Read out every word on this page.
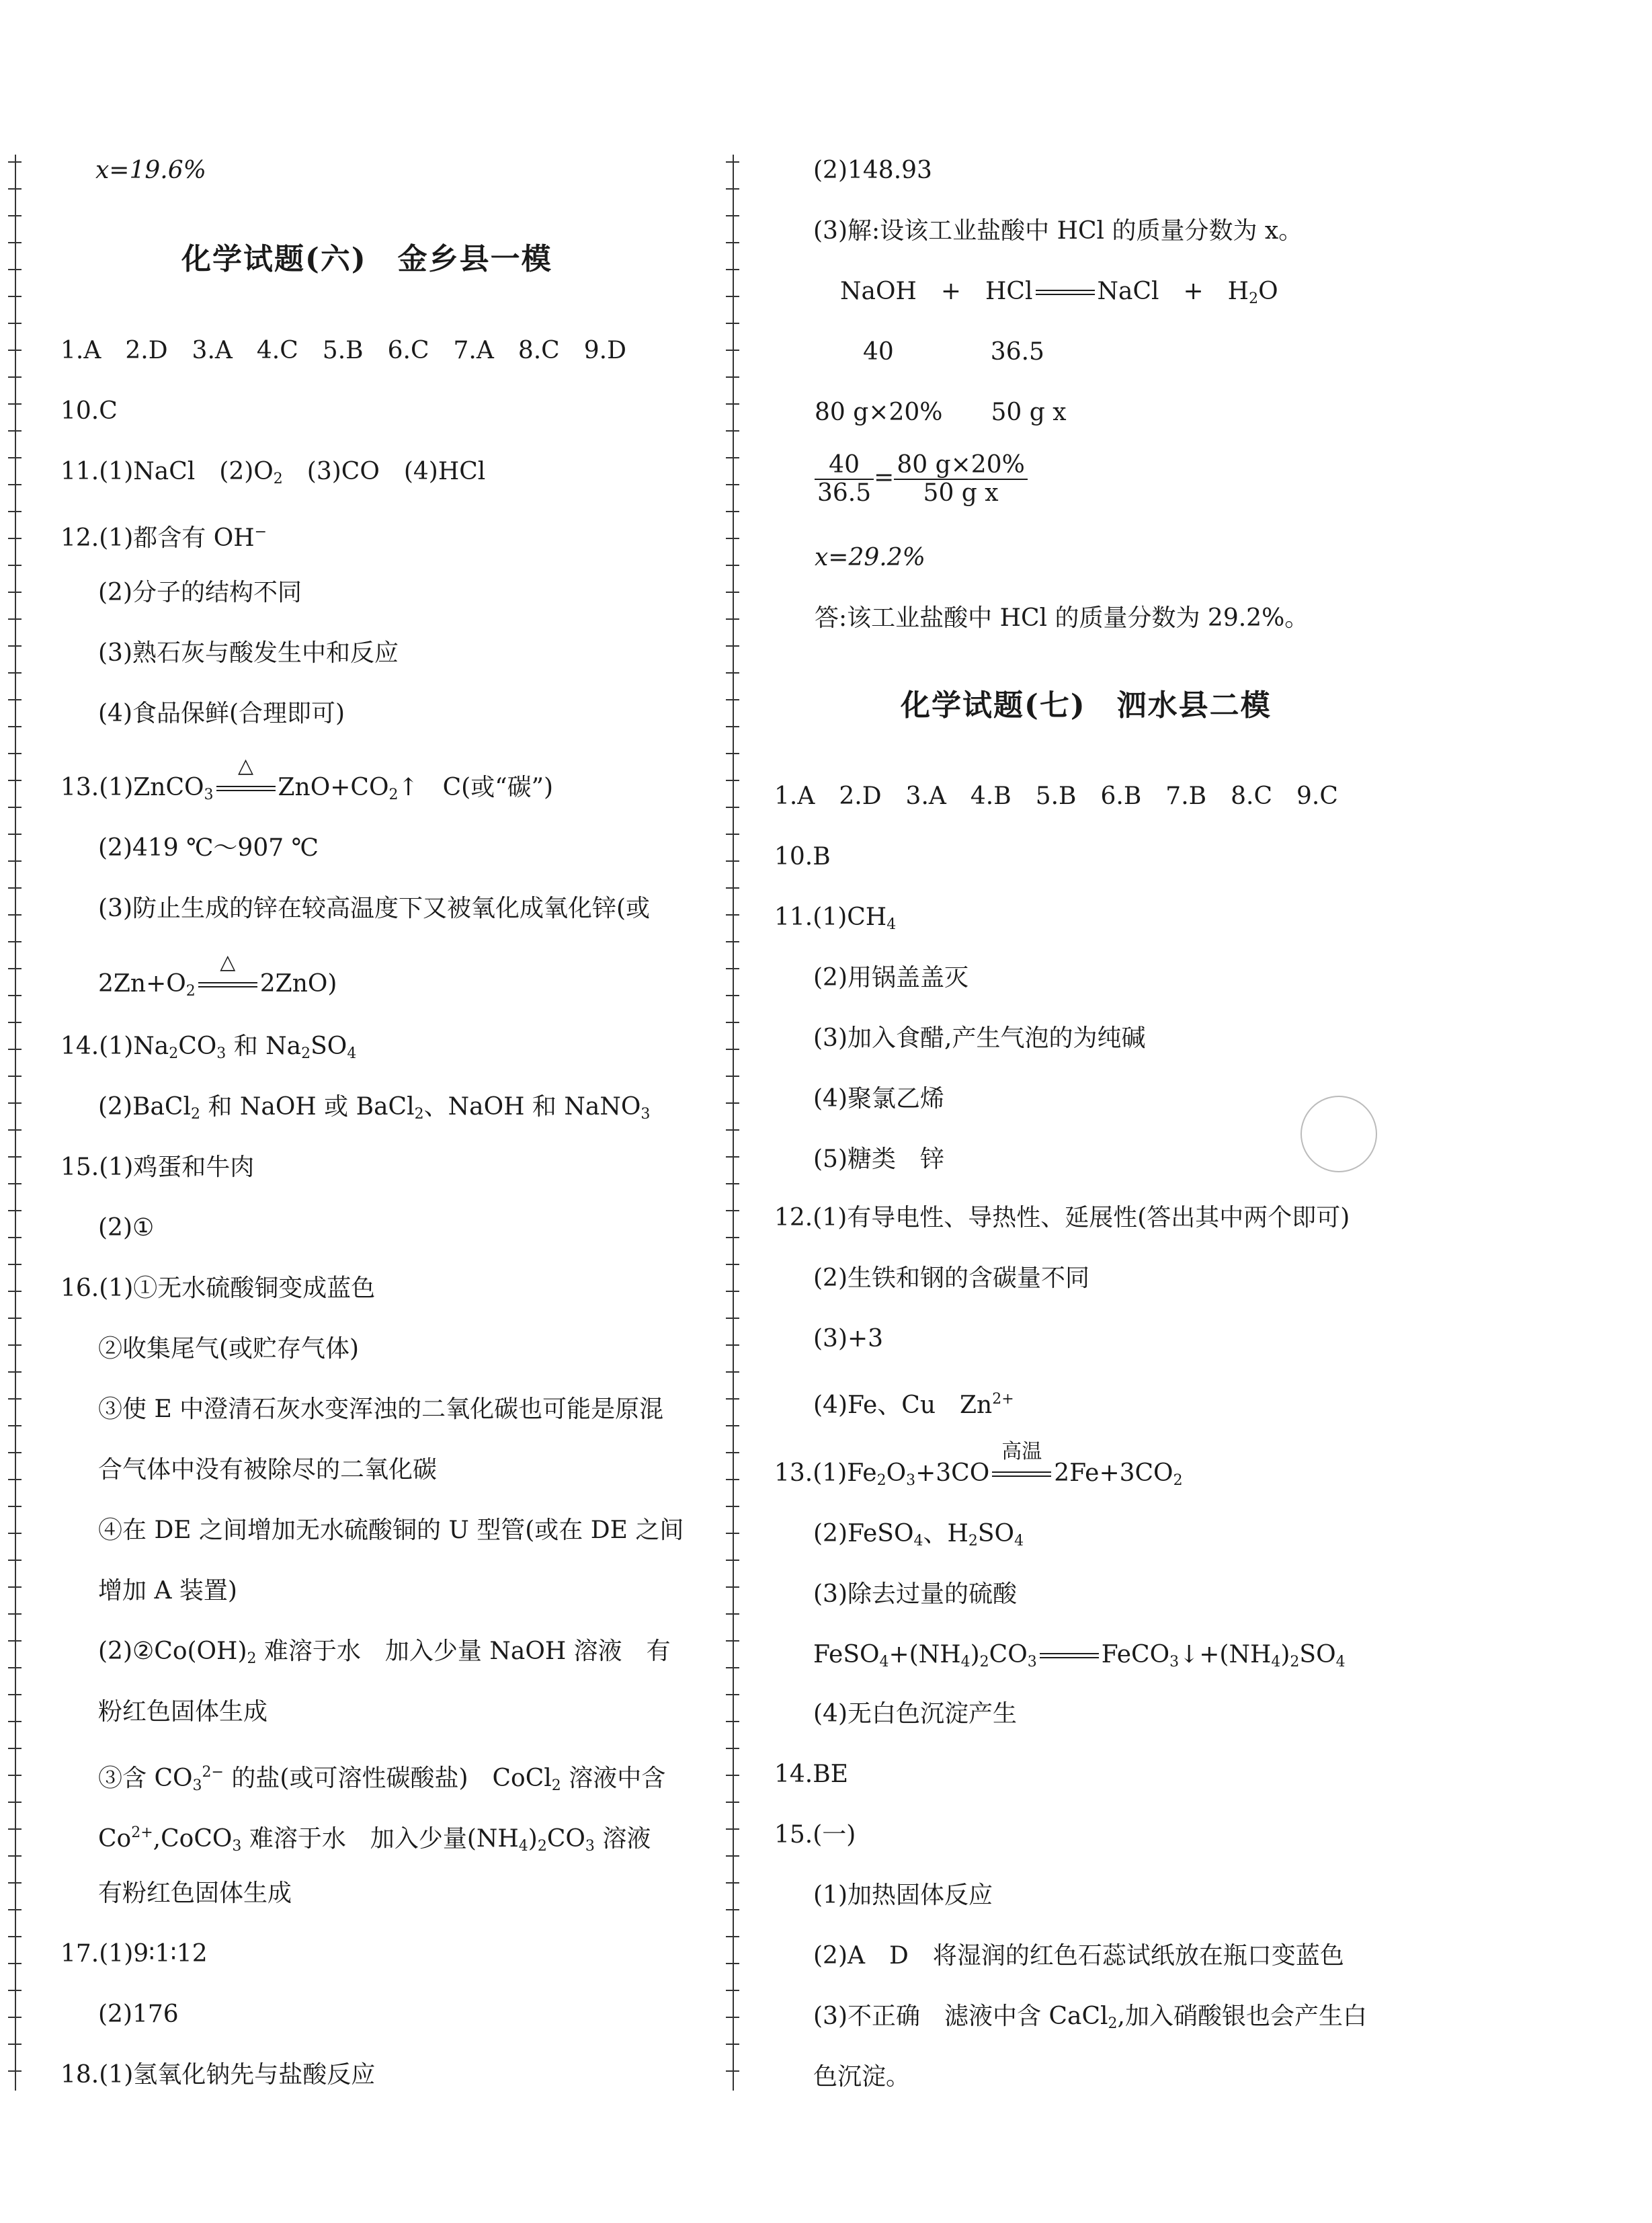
x=19.6%
化学试题(六)　金乡县一模
1.A　2.D　3.A　4.C　5.B　6.C　7.A　8.C　9.D
10.C
11.(1)NaCl　$(2)O_2$　(3)CO　(4)HCl
12.(1)都含有 OH−
(2)分子的结构不同
(3)熟石灰与酸发生中和反应
(4)食品保鲜(合理即可)
13.(1)ZnCO$_3$
△
$ZnO+CO_2↑$　C(或“碳”)
(2)419 ℃～907 ℃
(3)防止生成的锌在较高温度下又被氧化成氧化锌(或
$2Zn+O_2$
△
2ZnO)
$14.(1)Na_2CO_3$ 和 $Na_2SO_4$
(2)BaCl$_2$ 和 NaOH 或 BaCl$_2$、NaOH 和 NaNO$_3$
15.(1)鸡蛋和牛肉
(2)①
16.(1)①无水硫酸铜变成蓝色
②收集尾气(或贮存气体)
③使 E 中澄清石灰水变浑浊的二氧化碳也可能是原混
合气体中没有被除尽的二氧化碳
④在 DE 之间增加无水硫酸铜的 U 型管(或在 DE 之间
增加 A 装置)
$(2)②Co(OH)_2$ 难溶于水　加入少量 NaOH 溶液　有
粉红色固体生成
③含 $CO_3^{2-}$ 的盐(或可溶性碳酸盐)　CoCl$_2$ 溶液中含
$Co^{2+},CoCO_3$ 难溶于水　加入少量$(NH_4)_2CO_3$ 溶液
有粉红色固体生成
17.(1)9∶1∶12
(2)176
18.(1)氢氧化钠先与盐酸反应
(2)148.93
(3)解:设该工业盐酸中 HCl 的质量分数为 x。
NaOH　+　HCl	NaCl　+　$H_2O$
40　　　　36.5
80 g×20%　　50 g x
$\frac{40}{36.5} = \frac{80 g\times 20\%}{\text{50 g x}}$
x=29.2%
答:该工业盐酸中 HCl 的质量分数为 29.2%。
化学试题(七)　泗水县二模
1.A　2.D　3.A　4.B　5.B　6.B　7.B　8.C　9.C
10.B
$11.(1)CH_4$
(2)用锅盖盖灭
(3)加入食醋,产生气泡的为纯碱
(4)聚氯乙烯
(5)糖类　锌
12.(1)有导电性、导热性、延展性(答出其中两个即可)
(2)生铁和钢的含碳量不同
(3)+3
(4)Fe、Cu　$Zn^{2+}$
$13.(1)Fe_2O_3+3CO$
高温
$2Fe+3CO_2$
(2)FeSO$_4$、$H_2SO_4$
(3)除去过量的硫酸
$FeSO_4+(NH_4)_2CO_3$	$FeCO_3↓+(NH_4)_2SO_4$
(4)无白色沉淀产生
14.BE
15.(一)
(1)加热固体反应
(2)A　D　将湿润的红色石蕊试纸放在瓶口变蓝色
(3)不正确　滤液中含 CaCl$_2$,加入硝酸银也会产生白
色沉淀。
